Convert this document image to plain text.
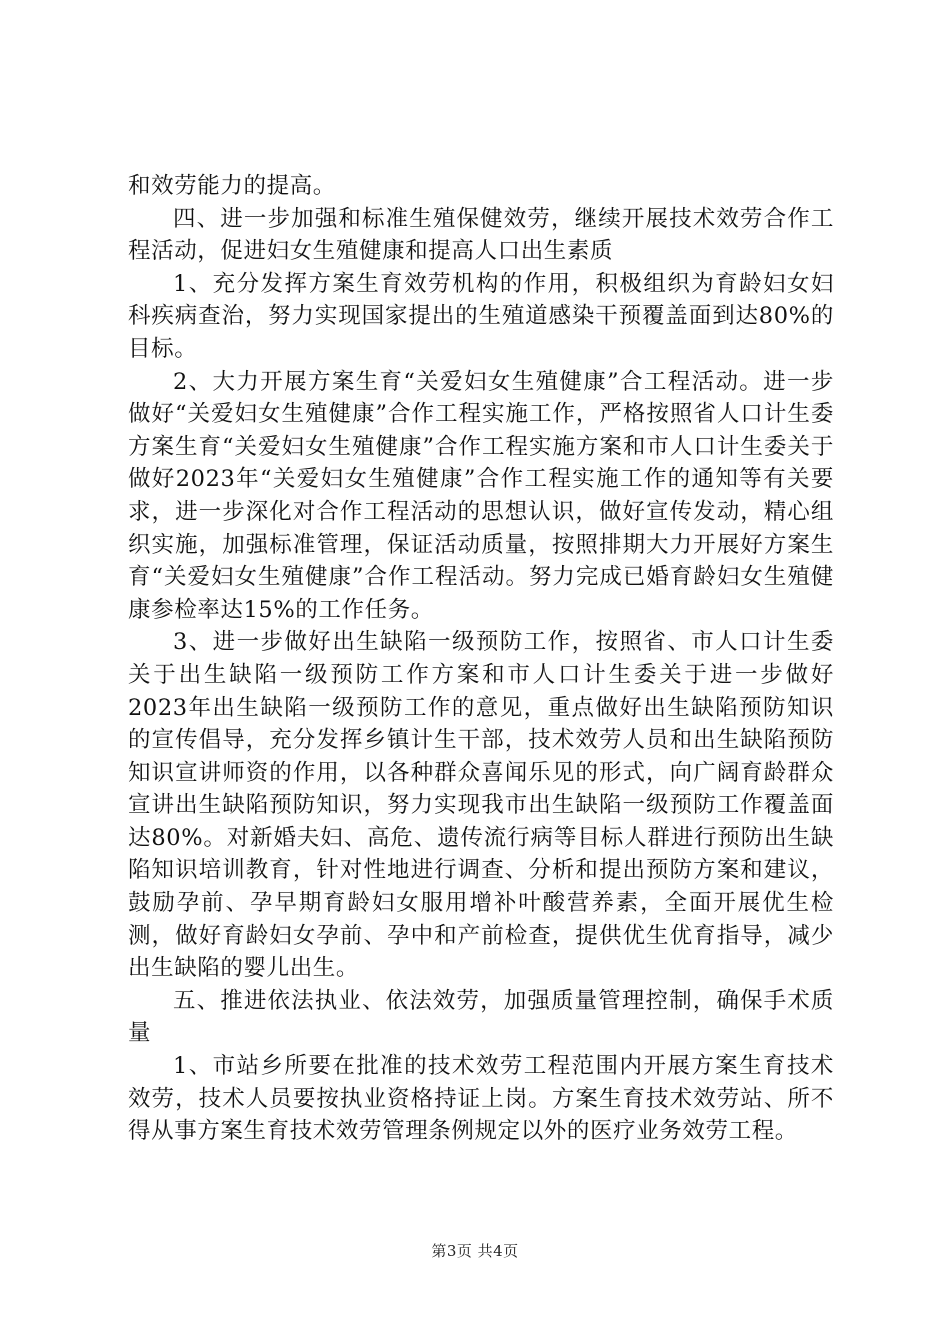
和效劳能力的提高。

四、进一步加强和标准生殖保健效劳，继续开展技术效劳合作工程活动，促进妇女生殖健康和提高人口出生素质

1、充分发挥方案生育效劳机构的作用，积极组织为育龄妇女妇科疾病查治，努力实现国家提出的生殖道感染干预覆盖面到达80%的目标。

2、大力开展方案生育“关爱妇女生殖健康”合工程活动。进一步做好“关爱妇女生殖健康”合作工程实施工作，严格按照省人口计生委方案生育“关爱妇女生殖健康”合作工程实施方案和市人口计生委关于做好2023年“关爱妇女生殖健康”合作工程实施工作的通知等有关要求，进一步深化对合作工程活动的思想认识，做好宣传发动，精心组织实施，加强标准管理，保证活动质量，按照排期大力开展好方案生育“关爱妇女生殖健康”合作工程活动。努力完成已婚育龄妇女生殖健康参检率达15%的工作任务。

3、进一步做好出生缺陷一级预防工作，按照省、市人口计生委关于出生缺陷一级预防工作方案和市人口计生委关于进一步做好2023年出生缺陷一级预防工作的意见，重点做好出生缺陷预防知识的宣传倡导，充分发挥乡镇计生干部，技术效劳人员和出生缺陷预防知识宣讲师资的作用，以各种群众喜闻乐见的形式，向广阔育龄群众宣讲出生缺陷预防知识，努力实现我市出生缺陷一级预防工作覆盖面达80%。对新婚夫妇、高危、遗传流行病等目标人群进行预防出生缺陷知识培训教育，针对性地进行调查、分析和提出预防方案和建议，鼓励孕前、孕早期育龄妇女服用增补叶酸营养素，全面开展优生检测，做好育龄妇女孕前、孕中和产前检查，提供优生优育指导，减少出生缺陷的婴儿出生。

五、推进依法执业、依法效劳，加强质量管理控制，确保手术质量

1、市站乡所要在批准的技术效劳工程范围内开展方案生育技术效劳，技术人员要按执业资格持证上岗。方案生育技术效劳站、所不得从事方案生育技术效劳管理条例规定以外的医疗业务效劳工程。

第3页 共4页
